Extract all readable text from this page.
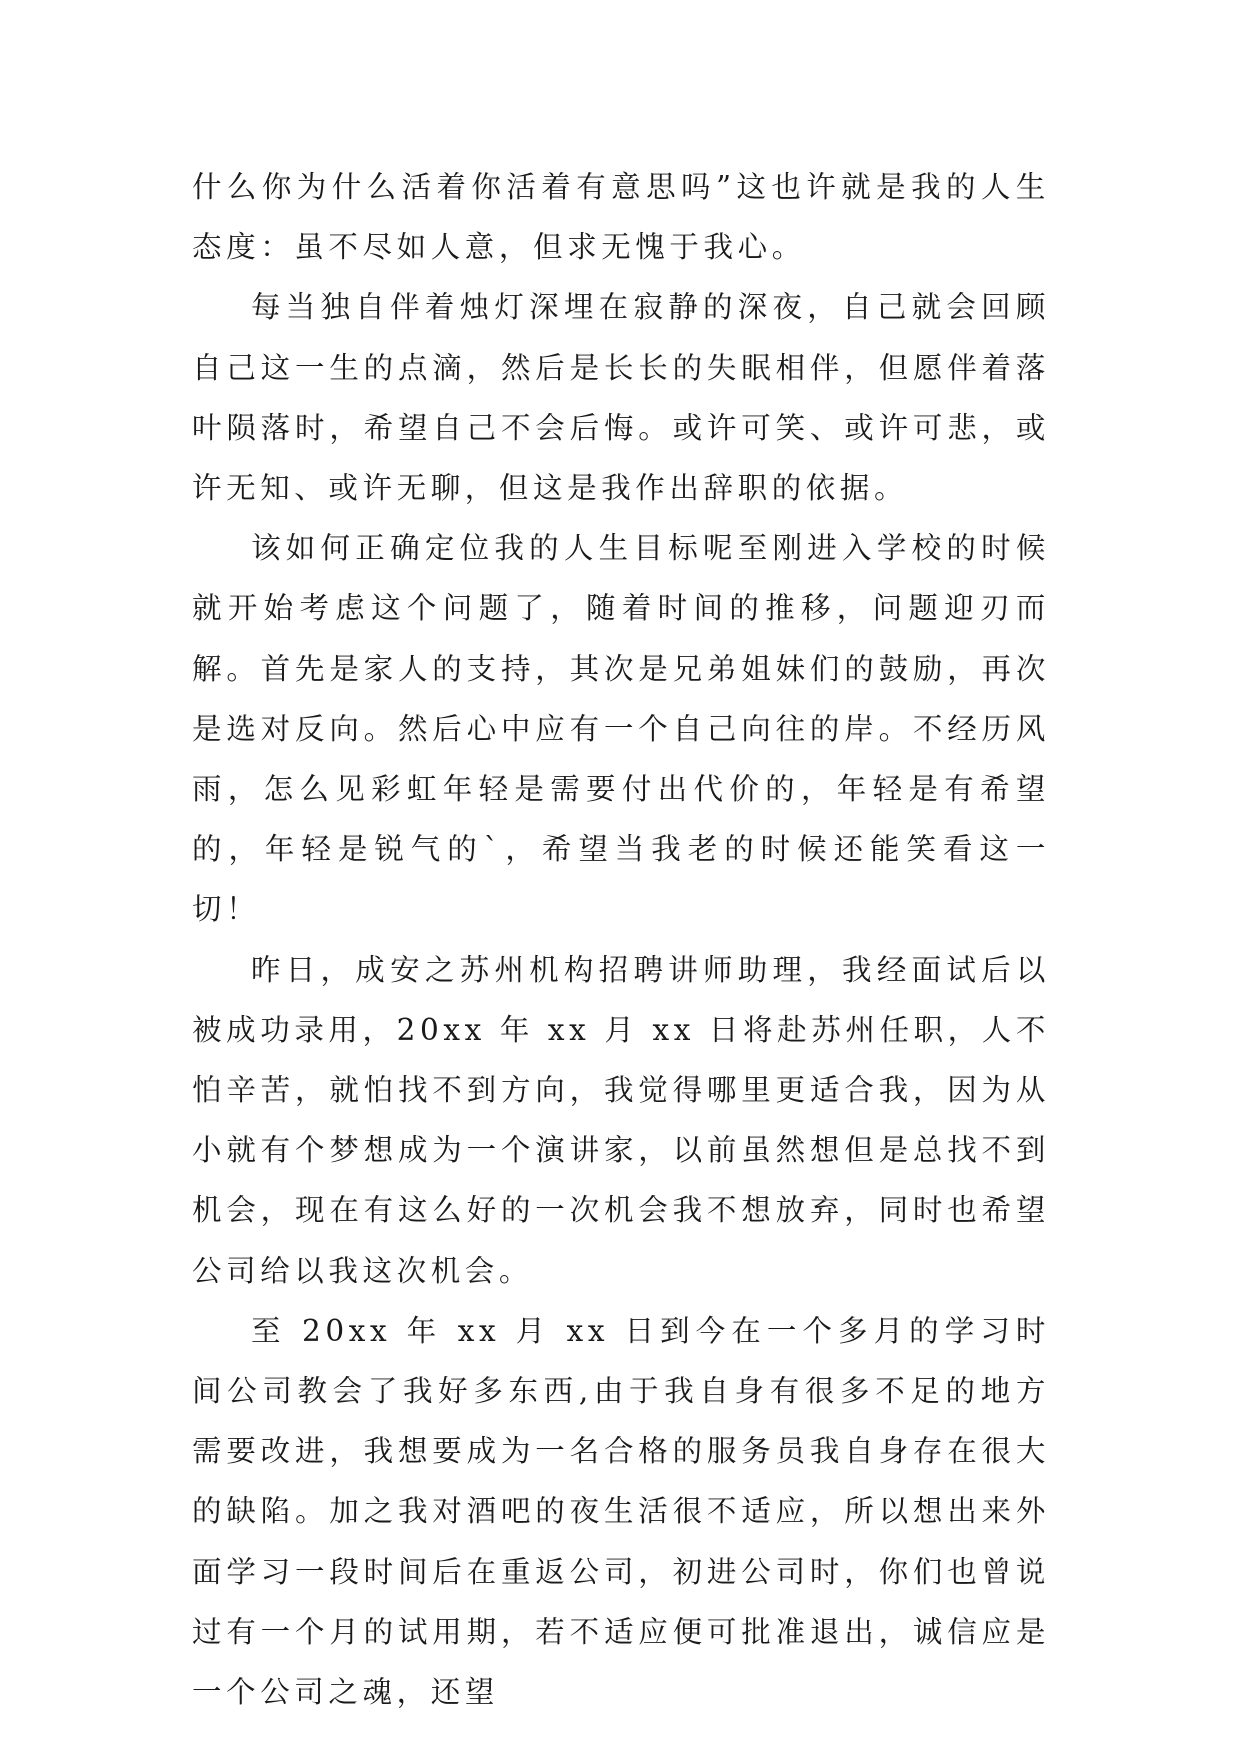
什么你为什么活着你活着有意思吗”这也许就是我的人生态度：虽不尽如人意，但求无愧于我心。

每当独自伴着烛灯深埋在寂静的深夜，自己就会回顾自己这一生的点滴，然后是长长的失眠相伴，但愿伴着落叶陨落时，希望自己不会后悔。或许可笑、或许可悲，或许无知、或许无聊，但这是我作出辞职的依据。

该如何正确定位我的人生目标呢至刚进入学校的时候就开始考虑这个问题了，随着时间的推移，问题迎刃而解。首先是家人的支持，其次是兄弟姐妹们的鼓励，再次是选对反向。然后心中应有一个自己向往的岸。不经历风雨，怎么见彩虹年轻是需要付出代价的，年轻是有希望的，年轻是锐气的`，希望当我老的时候还能笑看这一切！

昨日，成安之苏州机构招聘讲师助理，我经面试后以被成功录用，20xx 年 xx 月 xx 日将赴苏州任职，人不怕辛苦，就怕找不到方向，我觉得哪里更适合我，因为从小就有个梦想成为一个演讲家，以前虽然想但是总找不到机会，现在有这么好的一次机会我不想放弃，同时也希望公司给以我这次机会。

至 20xx 年 xx 月 xx 日到今在一个多月的学习时间公司教会了我好多东西,由于我自身有很多不足的地方需要改进，我想要成为一名合格的服务员我自身存在很大的缺陷。加之我对酒吧的夜生活很不适应，所以想出来外面学习一段时间后在重返公司，初进公司时，你们也曾说过有一个月的试用期，若不适应便可批准退出，诚信应是一个公司之魂，还望
